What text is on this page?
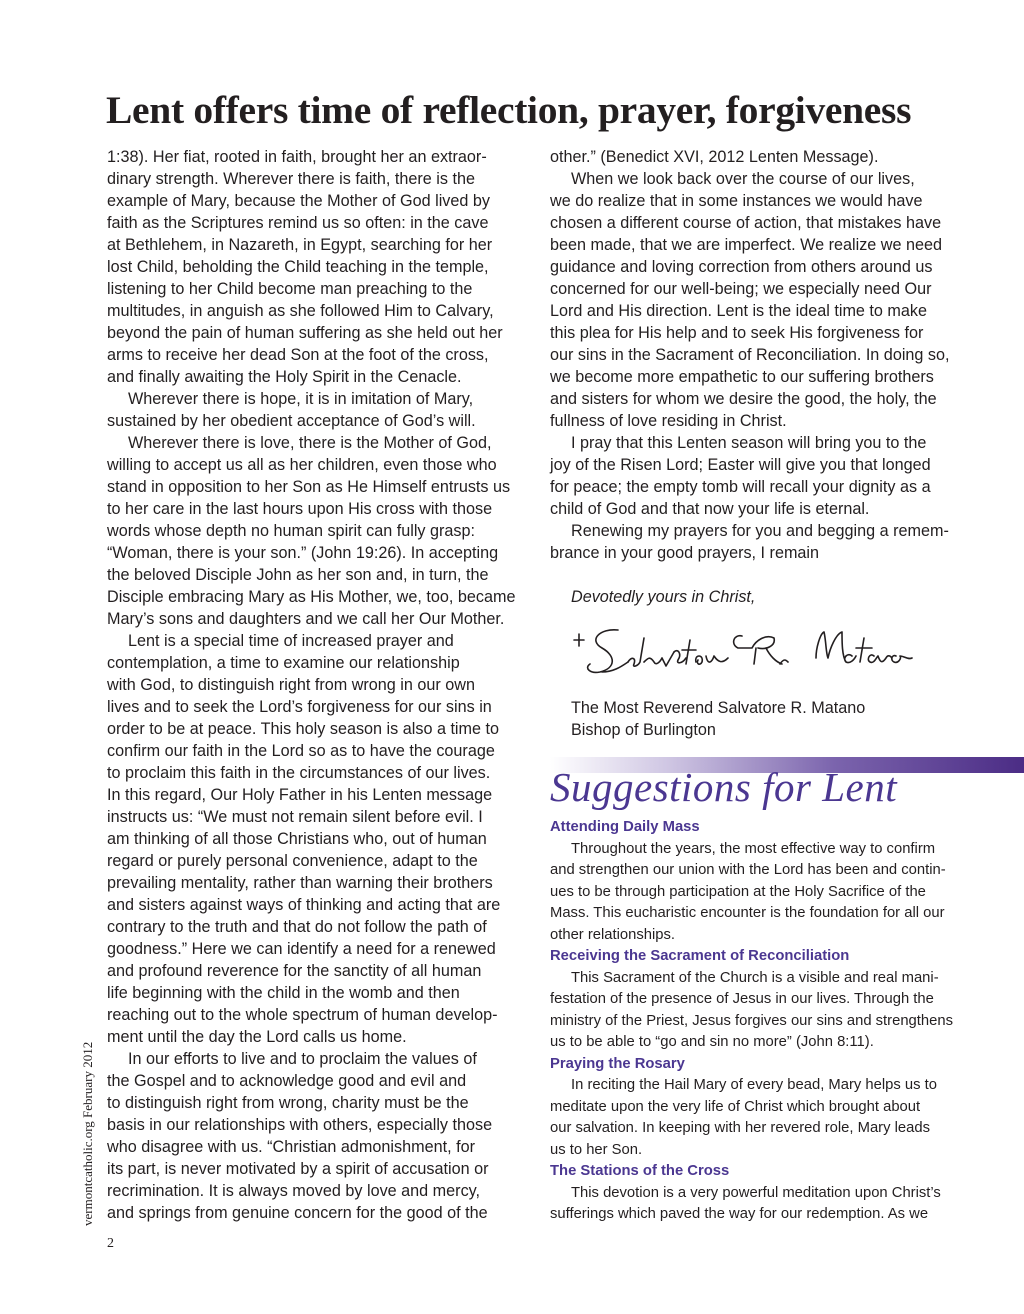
Lent offers time of reflection, prayer, forgiveness

1:38). Her fiat, rooted in faith, brought her an extraor-
dinary strength. Wherever there is faith, there is the
example of Mary, because the Mother of God lived by
faith as the Scriptures remind us so often: in the cave
at Bethlehem, in Nazareth, in Egypt, searching for her
lost Child, beholding the Child teaching in the temple,
listening to her Child become man preaching to the
multitudes, in anguish as she followed Him to Calvary,
beyond the pain of human suffering as she held out her
arms to receive her dead Son at the foot of the cross,
and finally awaiting the Holy Spirit in the Cenacle.

Wherever there is hope, it is in imitation of Mary,
sustained by her obedient acceptance of God’s will.

Wherever there is love, there is the Mother of God,
willing to accept us all as her children, even those who
stand in opposition to her Son as He Himself entrusts us
to her care in the last hours upon His cross with those
words whose depth no human spirit can fully grasp:
“Woman, there is your son.” (John 19:26). In accepting
the beloved Disciple John as her son and, in turn, the
Disciple embracing Mary as His Mother, we, too, became
Mary’s sons and daughters and we call her Our Mother.

Lent is a special time of increased prayer and
contemplation, a time to examine our relationship
with God, to distinguish right from wrong in our own
lives and to seek the Lord’s forgiveness for our sins in
order to be at peace. This holy season is also a time to
confirm our faith in the Lord so as to have the courage
to proclaim this faith in the circumstances of our lives.
In this regard, Our Holy Father in his Lenten message
instructs us: “We must not remain silent before evil. I
am thinking of all those Christians who, out of human
regard or purely personal convenience, adapt to the
prevailing mentality, rather than warning their brothers
and sisters against ways of thinking and acting that are
contrary to the truth and that do not follow the path of
goodness.” Here we can identify a need for a renewed
and profound reverence for the sanctity of all human
life beginning with the child in the womb and then
reaching out to the whole spectrum of human develop-
ment until the day the Lord calls us home.

In our efforts to live and to proclaim the values of
the Gospel and to acknowledge good and evil and
to distinguish right from wrong, charity must be the
basis in our relationships with others, especially those
who disagree with us. “Christian admonishment, for
its part, is never motivated by a spirit of accusation or
recrimination. It is always moved by love and mercy,
and springs from genuine concern for the good of the

other.” (Benedict XVI, 2012 Lenten Message).

When we look back over the course of our lives,
we do realize that in some instances we would have
chosen a different course of action, that mistakes have
been made, that we are imperfect. We realize we need
guidance and loving correction from others around us
concerned for our well-being; we especially need Our
Lord and His direction. Lent is the ideal time to make
this plea for His help and to seek His forgiveness for
our sins in the Sacrament of Reconciliation. In doing so,
we become more empathetic to our suffering brothers
and sisters for whom we desire the good, the holy, the
fullness of love residing in Christ.

I pray that this Lenten season will bring you to the
joy of the Risen Lord; Easter will give you that longed
for peace; the empty tomb will recall your dignity as a
child of God and that now your life is eternal.

Renewing my prayers for you and begging a remem-
brance in your good prayers, I remain

Devotedly yours in Christ,

The Most Reverend Salvatore R. Matano
Bishop of Burlington
Suggestions for Lent
Attending Daily Mass
Throughout the years, the most effective way to confirm
and strengthen our union with the Lord has been and contin-
ues to be through participation at the Holy Sacrifice of the
Mass. This eucharistic encounter is the foundation for all our
other relationships.
Receiving the Sacrament of Reconciliation
This Sacrament of the Church is a visible and real mani-
festation of the presence of Jesus in our lives. Through the
ministry of the Priest, Jesus forgives our sins and strengthens
us to be able to “go and sin no more” (John 8:11).
Praying the Rosary
In reciting the Hail Mary of every bead, Mary helps us to
meditate upon the very life of Christ which brought about
our salvation. In keeping with her revered role, Mary leads
us to her Son.
The Stations of the Cross
This devotion is a very powerful meditation upon Christ’s
sufferings which paved the way for our redemption. As we
vermontcatholic.org February 2012
2
